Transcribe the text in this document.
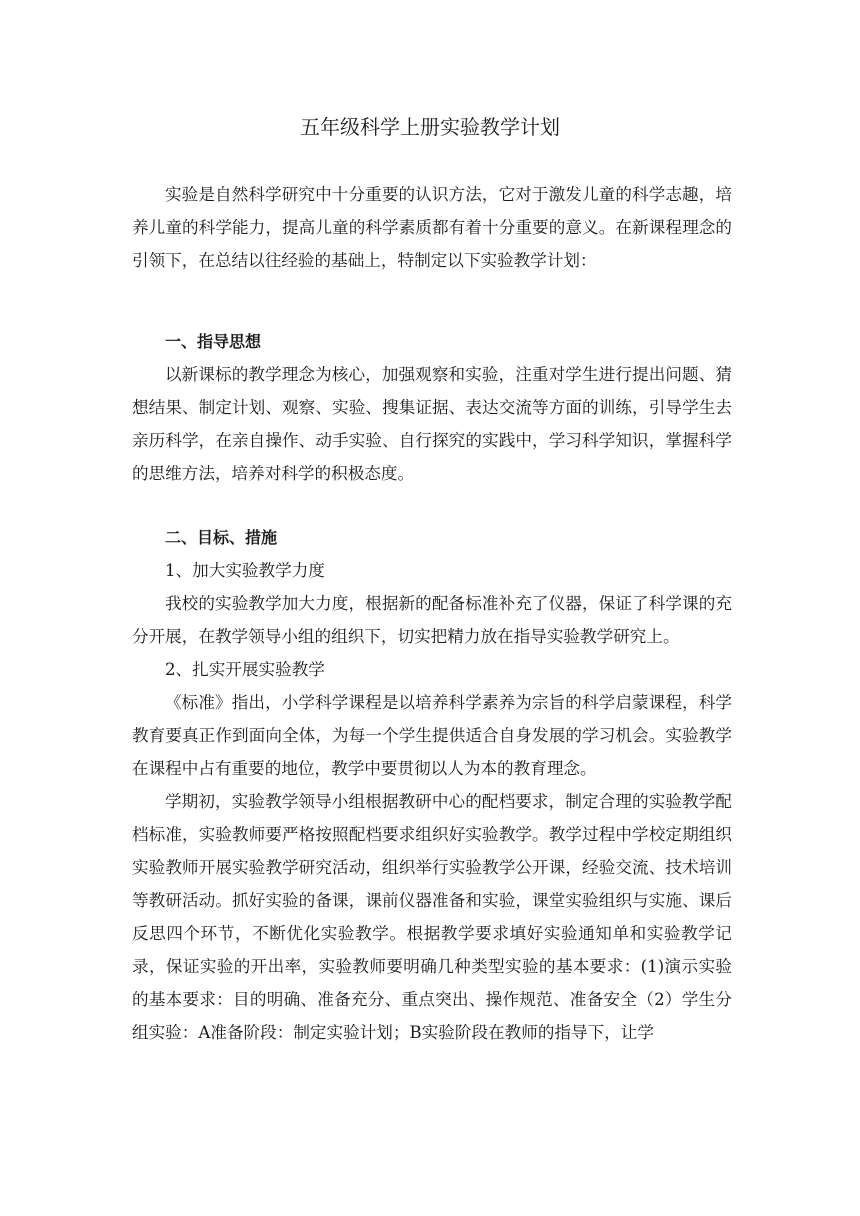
五年级科学上册实验教学计划

实验是自然科学研究中十分重要的认识方法，它对于激发儿童的科学志趣，培养儿童的科学能力，提高儿童的科学素质都有着十分重要的意义。在新课程理念的引领下，在总结以往经验的基础上，特制定以下实验教学计划：

一、指导思想

以新课标的教学理念为核心，加强观察和实验，注重对学生进行提出问题、猜想结果、制定计划、观察、实验、搜集证据、表达交流等方面的训练，引导学生去亲历科学，在亲自操作、动手实验、自行探究的实践中，学习科学知识，掌握科学的思维方法，培养对科学的积极态度。

二、目标、措施

1、加大实验教学力度

我校的实验教学加大力度，根据新的配备标准补充了仪器，保证了科学课的充分开展，在教学领导小组的组织下，切实把精力放在指导实验教学研究上。

2、扎实开展实验教学

《标准》指出，小学科学课程是以培养科学素养为宗旨的科学启蒙课程，科学教育要真正作到面向全体，为每一个学生提供适合自身发展的学习机会。实验教学在课程中占有重要的地位，教学中要贯彻以人为本的教育理念。

学期初，实验教学领导小组根据教研中心的配档要求，制定合理的实验教学配档标准，实验教师要严格按照配档要求组织好实验教学。教学过程中学校定期组织实验教师开展实验教学研究活动，组织举行实验教学公开课，经验交流、技术培训等教研活动。抓好实验的备课，课前仪器准备和实验，课堂实验组织与实施、课后反思四个环节，不断优化实验教学。根据教学要求填好实验通知单和实验教学记录，保证实验的开出率，实验教师要明确几种类型实验的基本要求：(1)演示实验的基本要求：目的明确、准备充分、重点突出、操作规范、准备安全（2）学生分组实验：A准备阶段：制定实验计划；B实验阶段在教师的指导下，让学
